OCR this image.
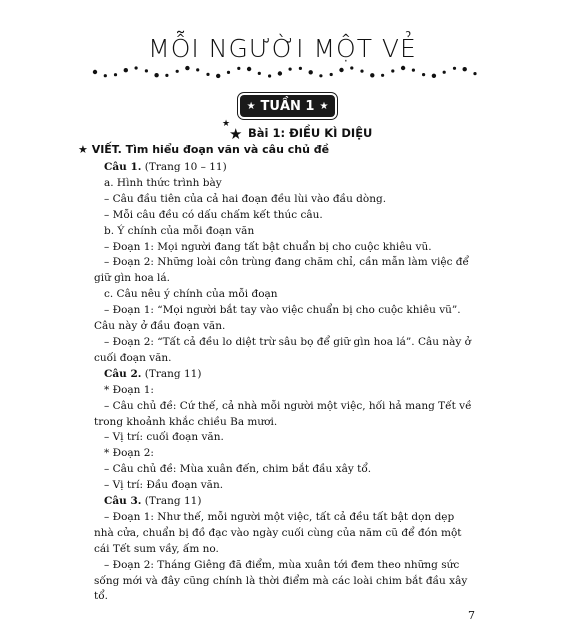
MỖI NGƯỜI MỘT VẺ
★ TUẦN 1 ★
★
★ Bài 1: ĐIỀU KÌ DIỆU
★ VIẾT. Tìm hiểu đoạn văn và câu chủ đề

Câu 1. (Trang 10 – 11)

a. Hình thức trình bày

– Câu đầu tiên của cả hai đoạn đều lùi vào đầu dòng.

– Mỗi câu đều có dấu chấm kết thúc câu.

b. Ý chính của mỗi đoạn văn

– Đoạn 1: Mọi người đang tất bật chuẩn bị cho cuộc khiêu vũ.

– Đoạn 2: Những loài côn trùng đang chăm chỉ, cần mẫn làm việc để giữ gìn hoa lá.

c. Câu nêu ý chính của mỗi đoạn

– Đoạn 1: “Mọi người bắt tay vào việc chuẩn bị cho cuộc khiêu vũ”. Câu này ở đầu đoạn văn.

– Đoạn 2: “Tất cả đều lo diệt trừ sâu bọ để giữ gìn hoa lá”. Câu này ở cuối đoạn văn.

Câu 2. (Trang 11)

* Đoạn 1:

– Câu chủ đề: Cứ thế, cả nhà mỗi người một việc, hối hả mang Tết về trong khoảnh khắc chiều Ba mươi.

– Vị trí: cuối đoạn văn.

* Đoạn 2:

– Câu chủ đề: Mùa xuân đến, chim bắt đầu xây tổ.

– Vị trí: Đầu đoạn văn.

Câu 3. (Trang 11)

– Đoạn 1: Như thế, mỗi người một việc, tất cả đều tất bật dọn dẹp nhà cửa, chuẩn bị đồ đạc vào ngày cuối cùng của năm cũ để đón một cái Tết sum vầy, ấm no.

– Đoạn 2: Tháng Giêng đã điểm, mùa xuân tới đem theo những sức sống mới và đây cũng chính là thời điểm mà các loài chim bắt đầu xây tổ.

7
